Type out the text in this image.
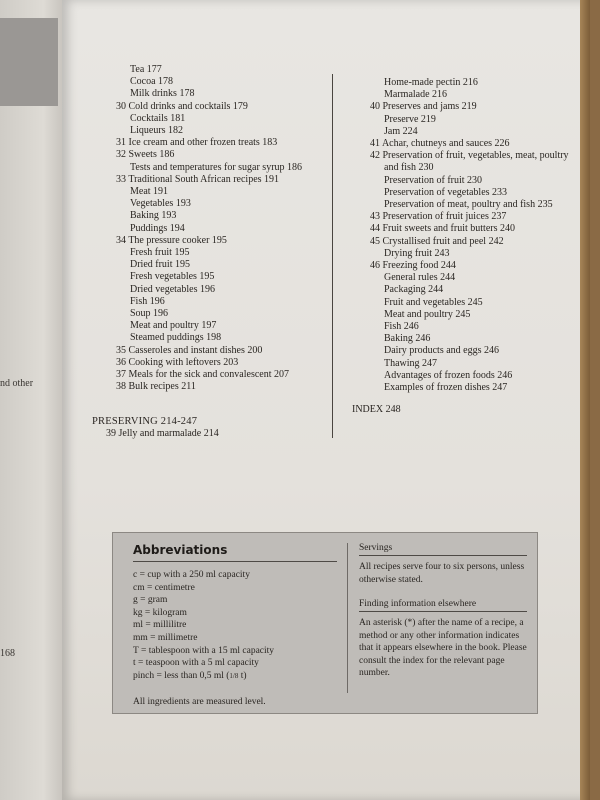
nd other
168
Tea 177
Cocoa 178
Milk drinks 178
30 Cold drinks and cocktails 179
Cocktails 181
Liqueurs 182
31 Ice cream and other frozen treats 183
32 Sweets 186
Tests and temperatures for sugar syrup 186
33 Traditional South African recipes 191
Meat 191
Vegetables 193
Baking 193
Puddings 194
34 The pressure cooker 195
Fresh fruit 195
Dried fruit 195
Fresh vegetables 195
Dried vegetables 196
Fish 196
Soup 196
Meat and poultry 197
Steamed puddings 198
35 Casseroles and instant dishes 200
36 Cooking with leftovers 203
37 Meals for the sick and convalescent 207
38 Bulk recipes 211
Home-made pectin 216
Marmalade 216
40 Preserves and jams 219
Preserve 219
Jam 224
41 Achar, chutneys and sauces 226
42 Preservation of fruit, vegetables, meat, poultry
and fish 230
Preservation of fruit 230
Preservation of vegetables 233
Preservation of meat, poultry and fish 235
43 Preservation of fruit juices 237
44 Fruit sweets and fruit butters 240
45 Crystallised fruit and peel 242
Drying fruit 243
46 Freezing food 244
General rules 244
Packaging 244
Fruit and vegetables 245
Meat and poultry 245
Fish 246
Baking 246
Dairy products and eggs 246
Thawing 247
Advantages of frozen foods 246
Examples of frozen dishes 247
PRESERVING 214-247
39 Jelly and marmalade 214
INDEX 248
Abbreviations
c = cup with a 250 ml capacity
cm = centimetre
g = gram
kg = kilogram
ml = millilitre
mm = millimetre
T = tablespoon with a 15 ml capacity
t = teaspoon with a 5 ml capacity
pinch = less than 0,5 ml (1/8 t)
All ingredients are measured level.
Servings
All recipes serve four to six persons, unless otherwise stated.
Finding information elsewhere
An asterisk (*) after the name of a recipe, a method or any other information indicates that it appears elsewhere in the book. Please consult the index for the relevant page number.
